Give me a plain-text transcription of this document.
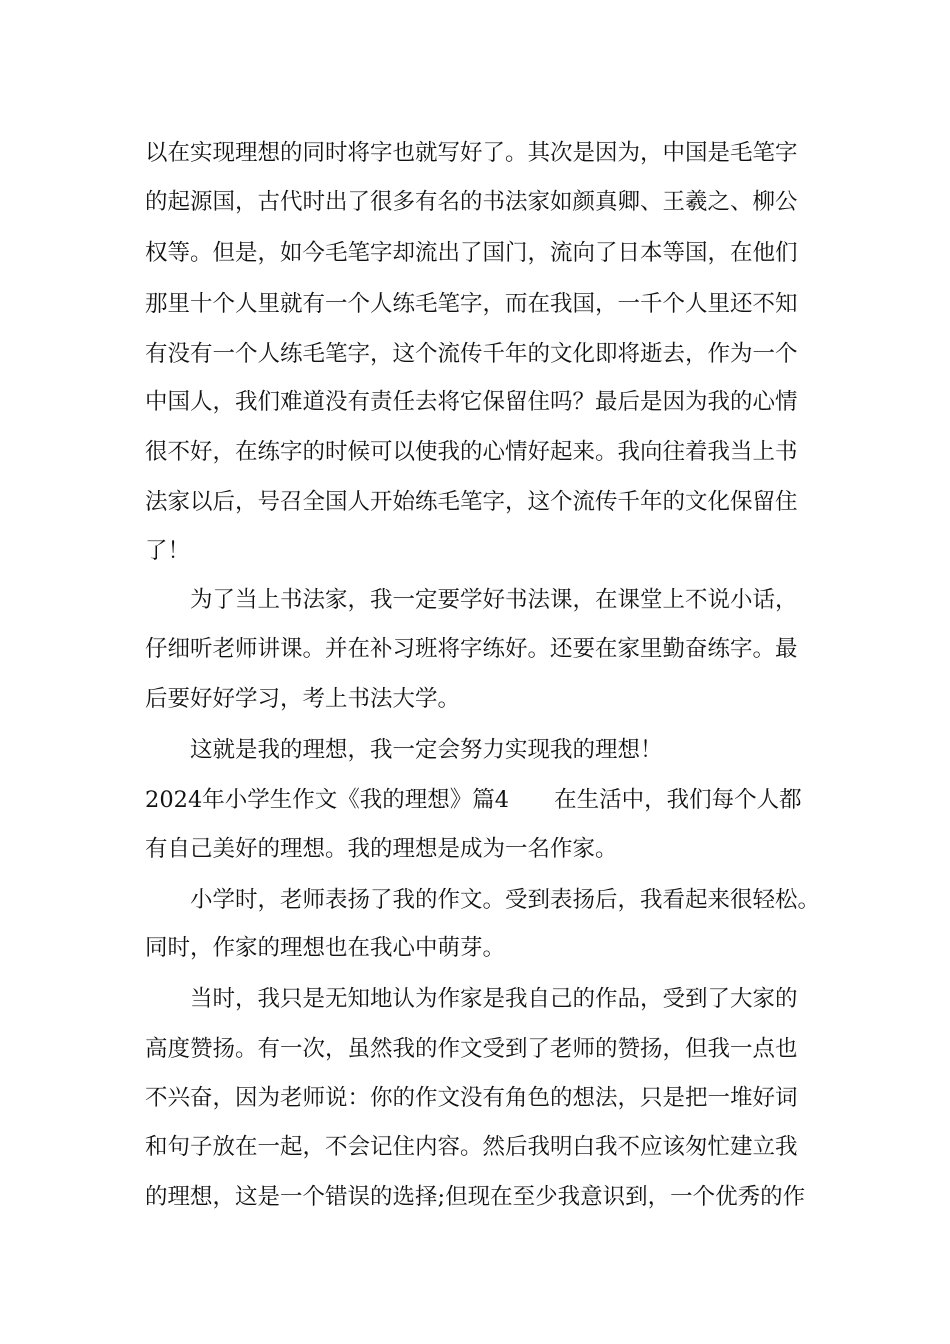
以在实现理想的同时将字也就写好了。其次是因为，中国是毛笔字
的起源国，古代时出了很多有名的书法家如颜真卿、王羲之、柳公
权等。但是，如今毛笔字却流出了国门，流向了日本等国，在他们
那里十个人里就有一个人练毛笔字，而在我国，一千个人里还不知
有没有一个人练毛笔字，这个流传千年的文化即将逝去，作为一个
中国人，我们难道没有责任去将它保留住吗？最后是因为我的心情
很不好，在练字的时候可以使我的心情好起来。我向往着我当上书
法家以后，号召全国人开始练毛笔字，这个流传千年的文化保留住
了！
为了当上书法家，我一定要学好书法课，在课堂上不说小话，
仔细听老师讲课。并在补习班将字练好。还要在家里勤奋练字。最
后要好好学习，考上书法大学。
这就是我的理想，我一定会努力实现我的理想！
2024年小学生作文《我的理想》篇4　　在生活中，我们每个人都
有自己美好的理想。我的理想是成为一名作家。
小学时，老师表扬了我的作文。受到表扬后，我看起来很轻松。
同时，作家的理想也在我心中萌芽。
当时，我只是无知地认为作家是我自己的作品，受到了大家的
高度赞扬。有一次，虽然我的作文受到了老师的赞扬，但我一点也
不兴奋，因为老师说：你的作文没有角色的想法，只是把一堆好词
和句子放在一起，不会记住内容。然后我明白我不应该匆忙建立我
的理想，这是一个错误的选择;但现在至少我意识到，一个优秀的作
